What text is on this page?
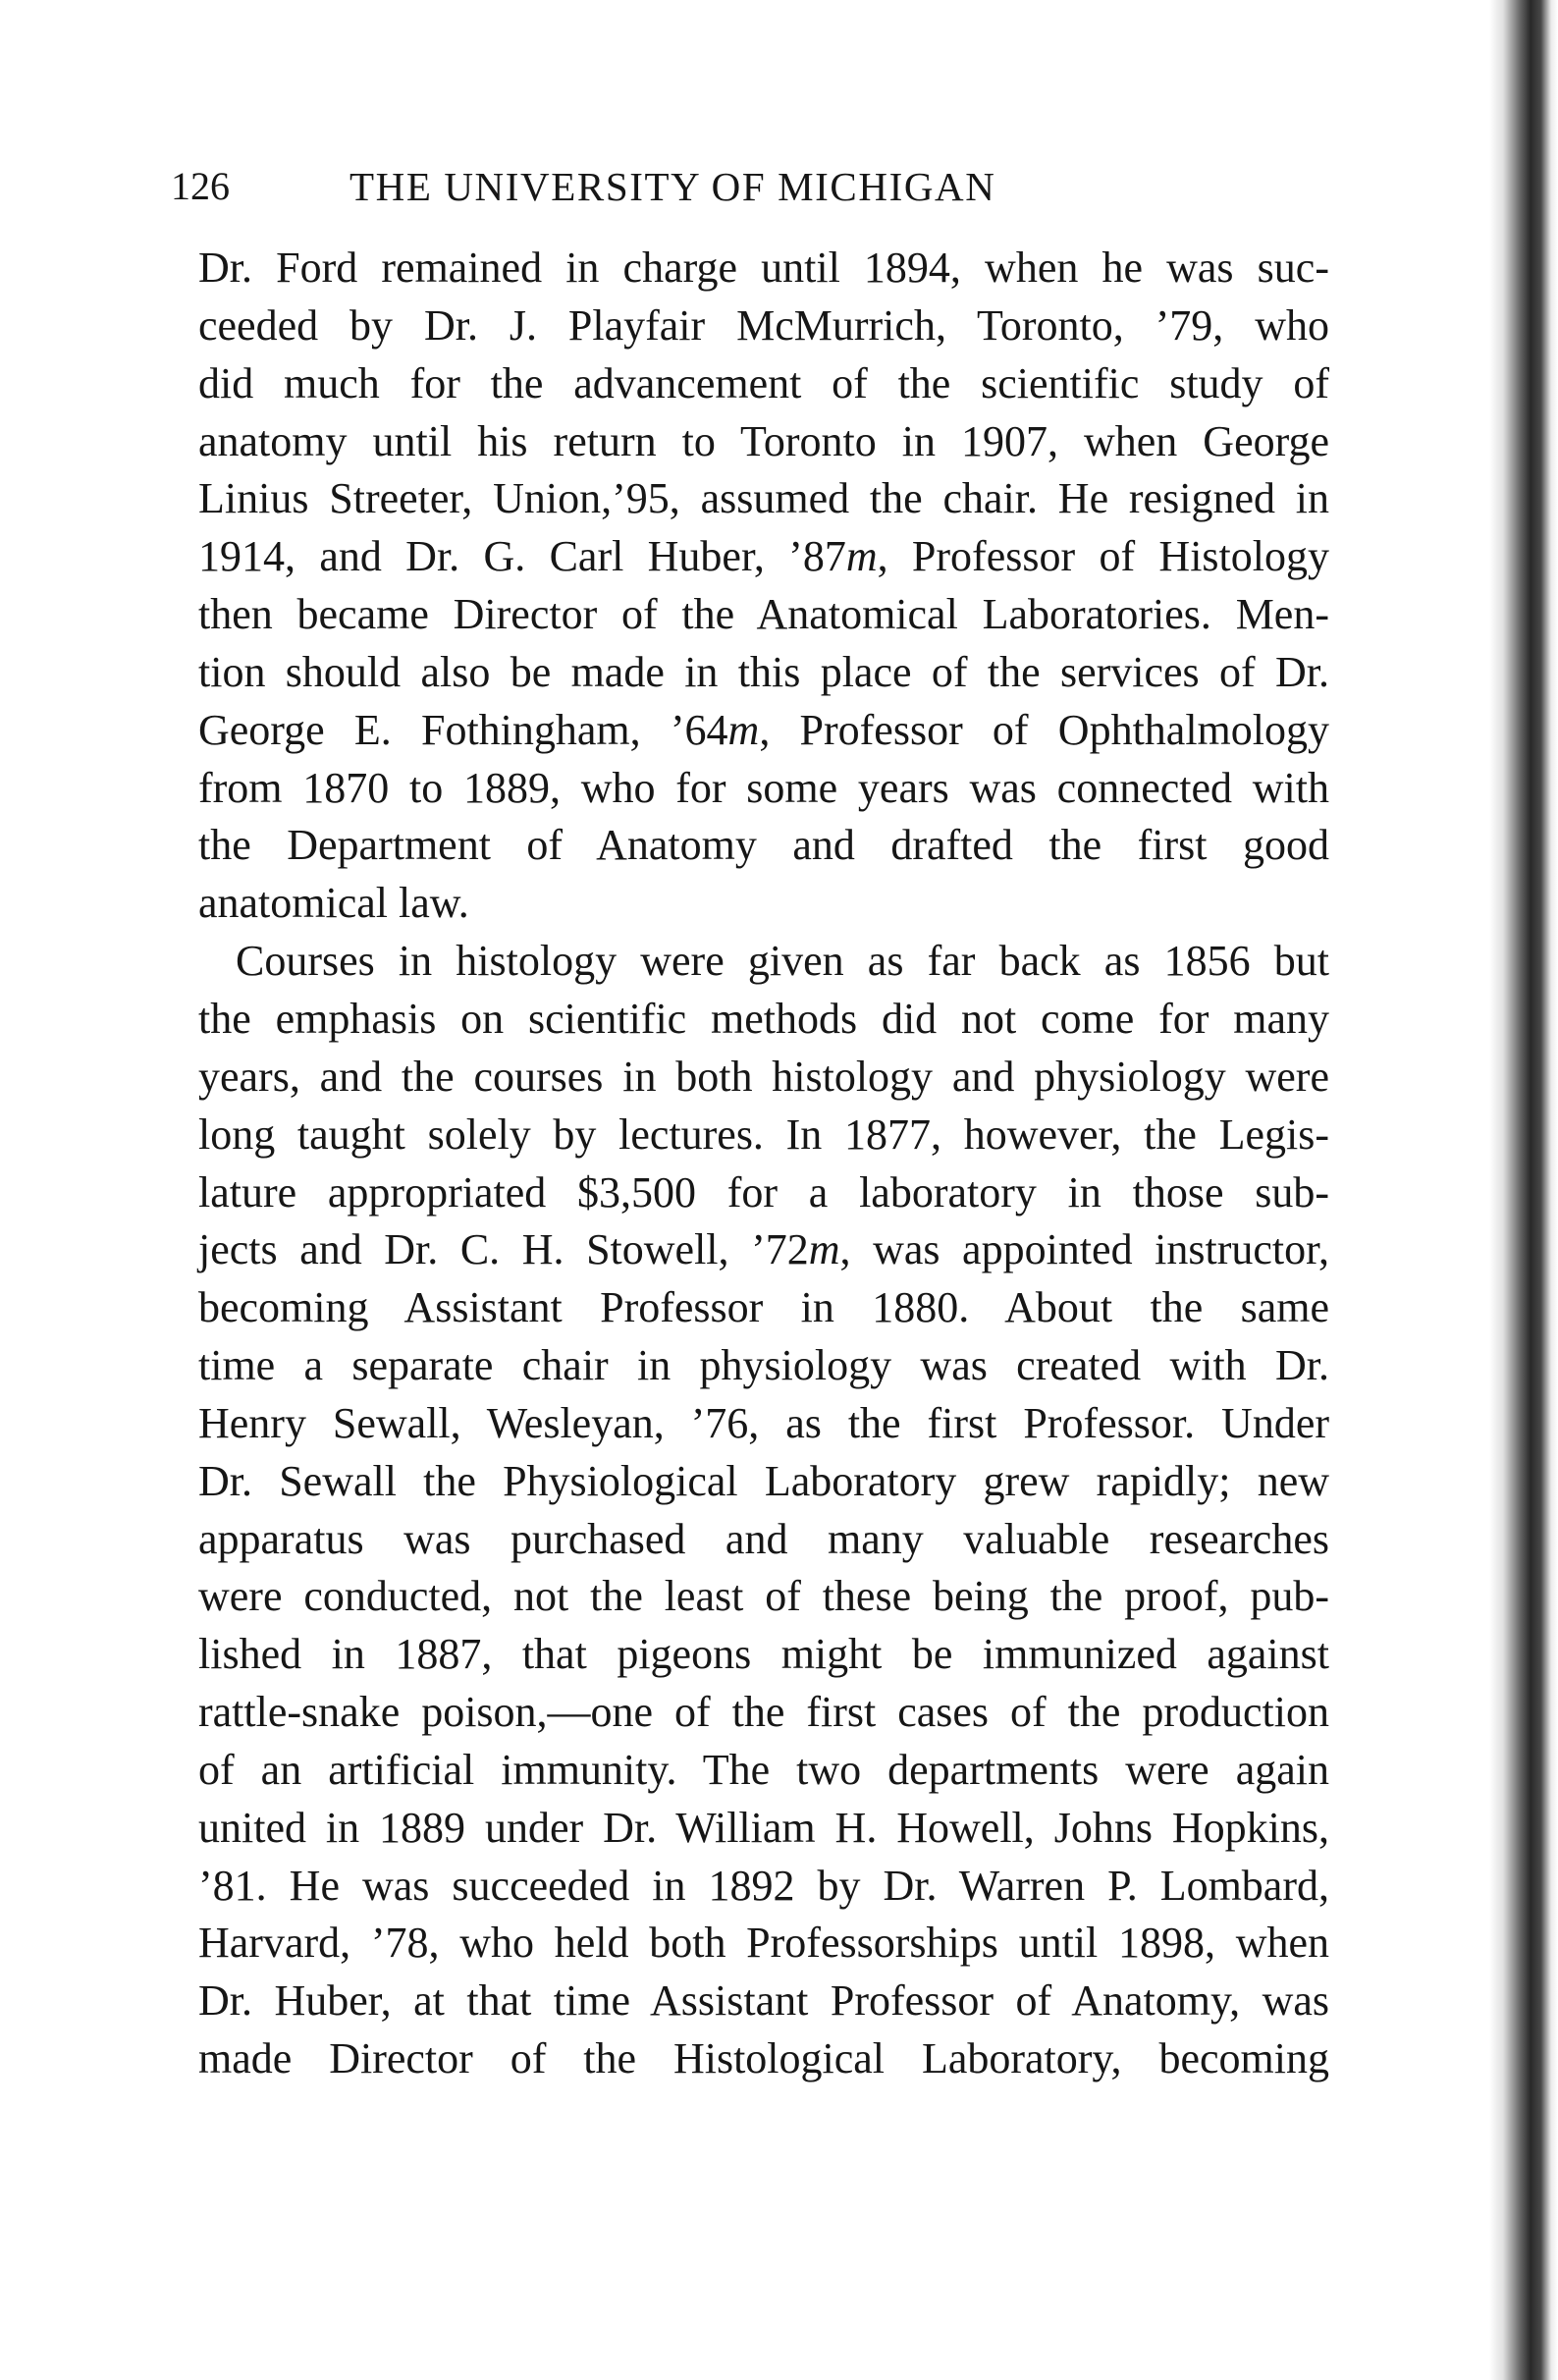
126	THE UNIVERSITY OF MICHIGAN
Dr. Ford remained in charge until 1894, when he was suc-
ceeded by Dr. J. Playfair McMurrich, Toronto, ’79, who
did much for the advancement of the scientific study of
anatomy until his return to Toronto in 1907, when George
Linius Streeter, Union,’95, assumed the chair. He resigned in
1914, and Dr. G. Carl Huber, ’87m, Professor of Histology
then became Director of the Anatomical Laboratories. Men-
tion should also be made in this place of the services of Dr.
George E. Fothingham, ’64m, Professor of Ophthalmology
from 1870 to 1889, who for some years was connected with
the Department of Anatomy and drafted the first good
anatomical law.
Courses in histology were given as far back as 1856 but
the emphasis on scientific methods did not come for many
years, and the courses in both histology and physiology were
long taught solely by lectures. In 1877, however, the Legis-
lature appropriated $3,500 for a laboratory in those sub-
jects and Dr. C. H. Stowell, ’72m, was appointed instructor,
becoming Assistant Professor in 1880. About the same
time a separate chair in physiology was created with Dr.
Henry Sewall, Wesleyan, ’76, as the first Professor. Under
Dr. Sewall the Physiological Laboratory grew rapidly; new
apparatus was purchased and many valuable researches
were conducted, not the least of these being the proof, pub-
lished in 1887, that pigeons might be immunized against
rattle-snake poison,—one of the first cases of the production
of an artificial immunity. The two departments were again
united in 1889 under Dr. William H. Howell, Johns Hopkins,
’81. He was succeeded in 1892 by Dr. Warren P. Lombard,
Harvard, ’78, who held both Professorships until 1898, when
Dr. Huber, at that time Assistant Professor of Anatomy, was
made Director of the Histological Laboratory, becoming
